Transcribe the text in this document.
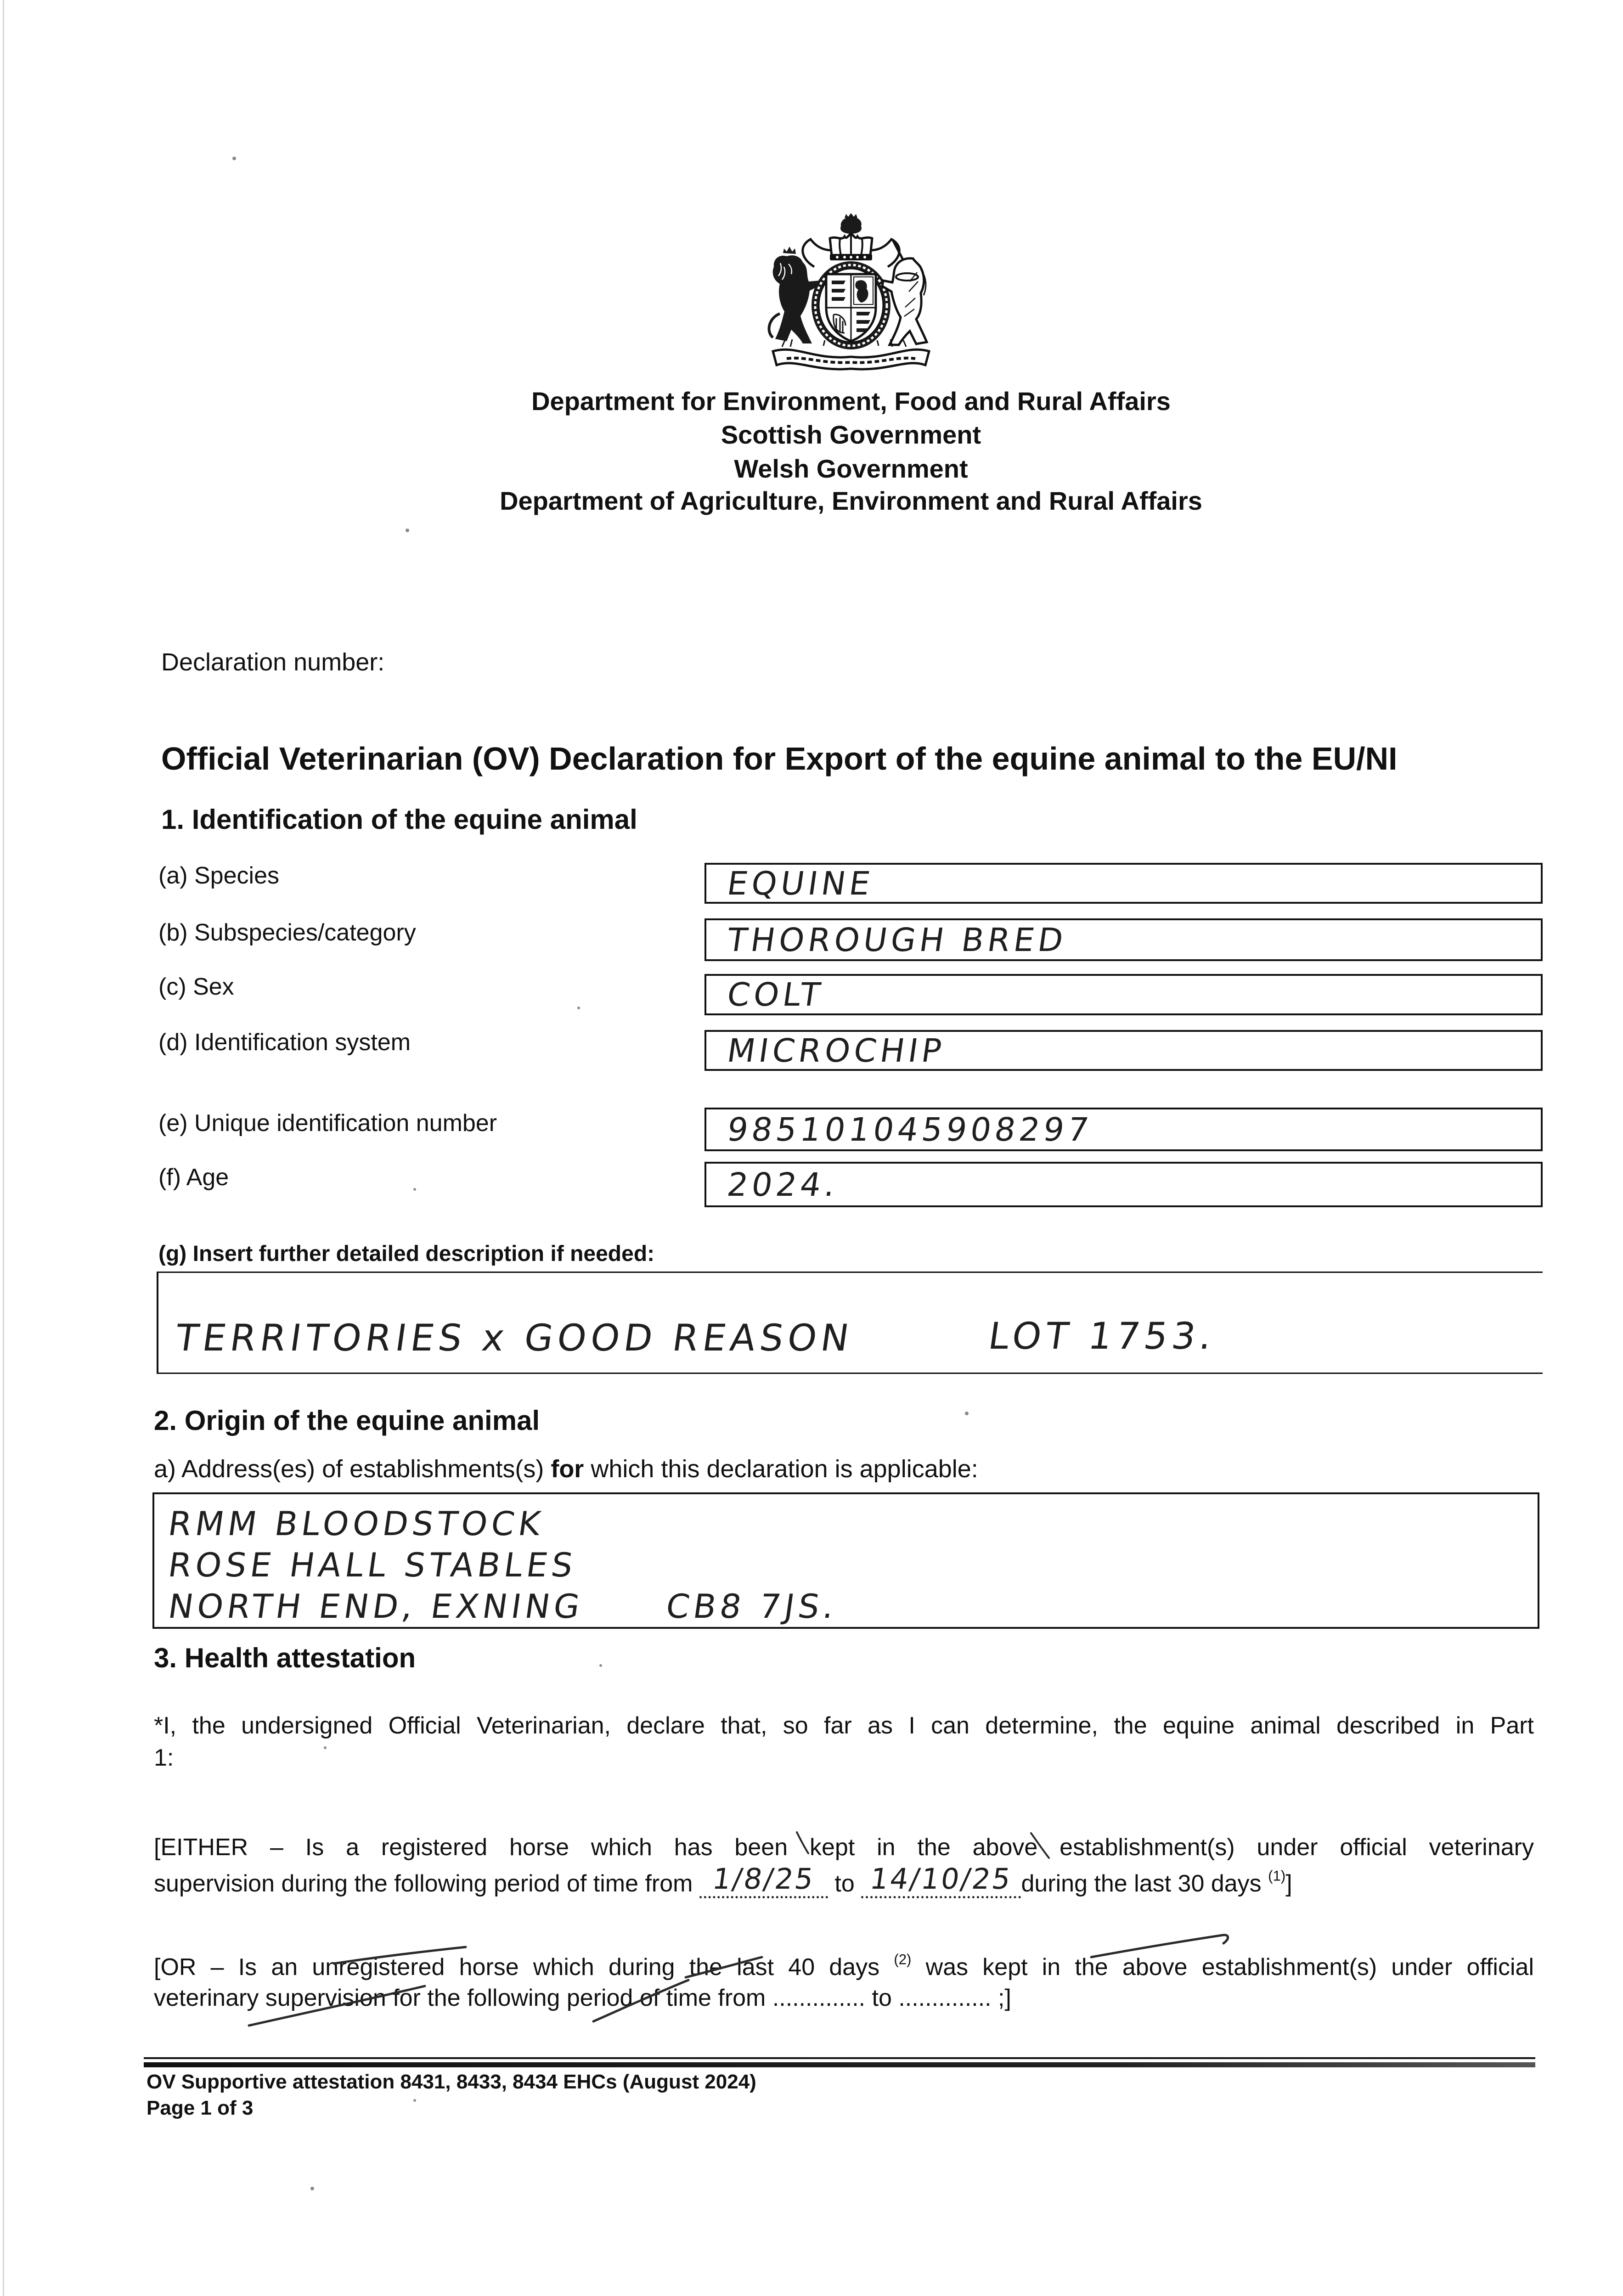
Department for Environment, Food and Rural Affairs
Scottish Government
Welsh Government
Department of Agriculture, Environment and Rural Affairs
Declaration number:
Official Veterinarian (OV) Declaration for Export of the equine animal to the EU/NI
1. Identification of the equine animal
(a) Species	EQUINE
(b) Subspecies/category	THOROUGH BRED
(c) Sex	COLT
(d) Identification system	MICROCHIP
(e) Unique identification number	985101045908297
(f) Age	2024.
(g) Insert further detailed description if needed:
TERRITORIES x GOOD REASON	LOT 1753.
2. Origin of the equine animal
a) Address(es) of establishments(s) for which this declaration is applicable:
RMM BLOODSTOCK
ROSE HALL STABLES
NORTH END, EXNING CB8 7JS.
3. Health attestation
*I, the undersigned Official Veterinarian, declare that, so far as I can determine, the equine animal described in Part
1:
[EITHER – Is a registered horse which has been kept in the above establishment(s) under official veterinary
supervision during the following period of time from 1/8/25 to 14/10/25 during the last 30 days $^{(1)}$]
[OR – Is an unregistered horse which during the last 40 days $^{(2)}$ was kept in the above establishment(s) under official
veterinary supervision for the following period of time from .............. to .............. ;]
OV Supportive attestation 8431, 8433, 8434 EHCs (August 2024)
Page 1 of 3
